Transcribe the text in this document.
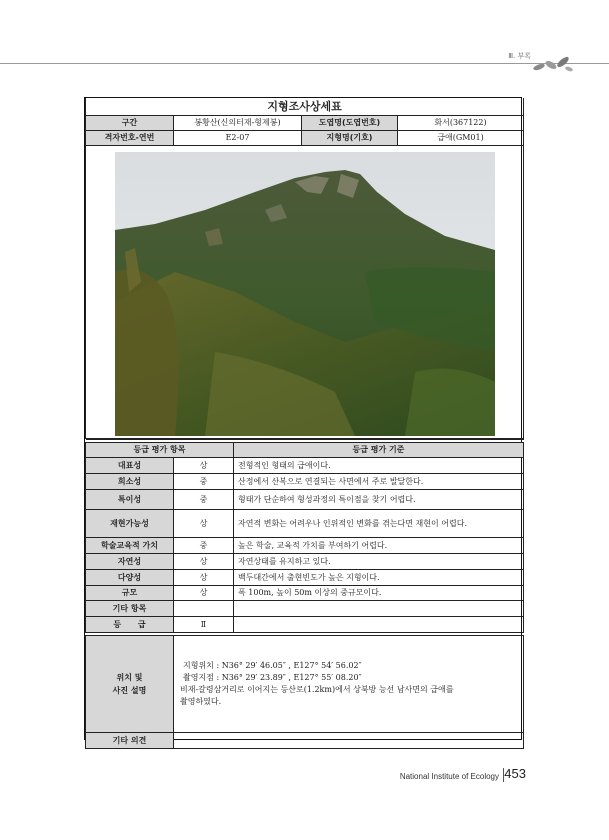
Ⅲ. 부록
지형조사상세표			
구간	봉황산(신의터재-형제봉)	도엽명(도엽번호)	화서(367122)
격자번호-연번	E2-07	지형명(기호)	급애(GM01)

등급 평가 항목		등급 평가 기준
대표성	상	전형적인 형태의 급애이다.
희소성	중	산정에서 산복으로 연결되는 사면에서 주로 발달한다.
특이성	중	형태가 단순하여 형성과정의 특이점을 찾기 어렵다.
재현가능성	상	자연적 변화는 어려우나 인위적인 변화를 겪는다면 재현이 어렵다.
학술교육적 가치	중	높은 학술, 교육적 가치를 부여하기 어렵다.
자연성	상	자연상태를 유지하고 있다.
다양성	상	백두대간에서 출현빈도가 높은 지형이다.
규모	상	폭 100m, 높이 50m 이상의 중규모이다.
기타 항목		
등      급	Ⅱ	

위치 및
사진 설명	지형위치 : N36° 29′ 46.05″ , E127° 54′ 56.02″
촬영지점 : N36° 29′ 23.89″ , E127° 55′ 08.20″
비재-갈령삼거리로 이어지는 등산로(1.2km)에서 상북방 능선 남사면의 급애를
촬영하였다.	

기타 의견		
National Institute of Ecology 453
